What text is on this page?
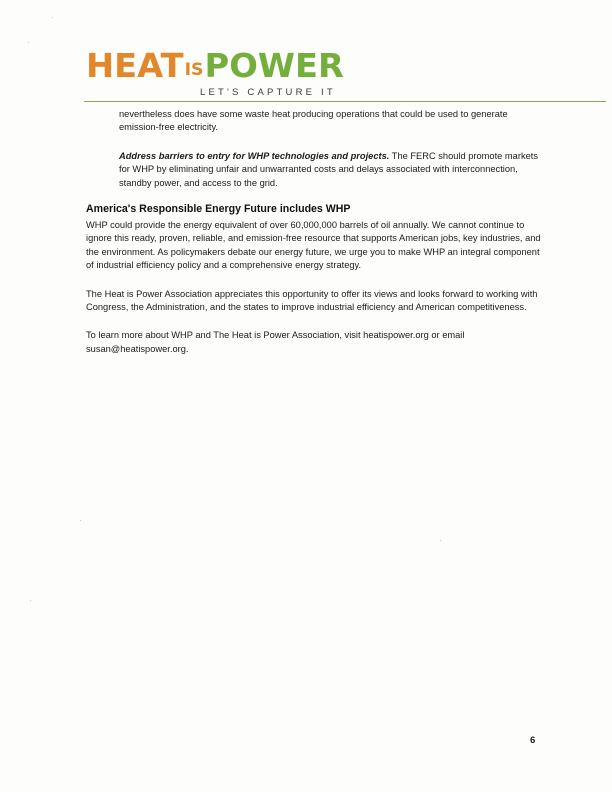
HEATISPOWER
LET'S CAPTURE IT

nevertheless does have some waste heat producing operations that could be used to generate emission-free electricity.

Address barriers to entry for WHP technologies and projects. The FERC should promote markets for WHP by eliminating unfair and unwarranted costs and delays associated with interconnection, standby power, and access to the grid.

America's Responsible Energy Future includes WHP

WHP could provide the energy equivalent of over 60,000,000 barrels of oil annually. We cannot continue to ignore this ready, proven, reliable, and emission-free resource that supports American jobs, key industries, and the environment. As policymakers debate our energy future, we urge you to make WHP an integral component of industrial efficiency policy and a comprehensive energy strategy.

The Heat is Power Association appreciates this opportunity to offer its views and looks forward to working with Congress, the Administration, and the states to improve industrial efficiency and American competitiveness.

To learn more about WHP and The Heat is Power Association, visit heatispower.org or email susan@heatispower.org.

6
